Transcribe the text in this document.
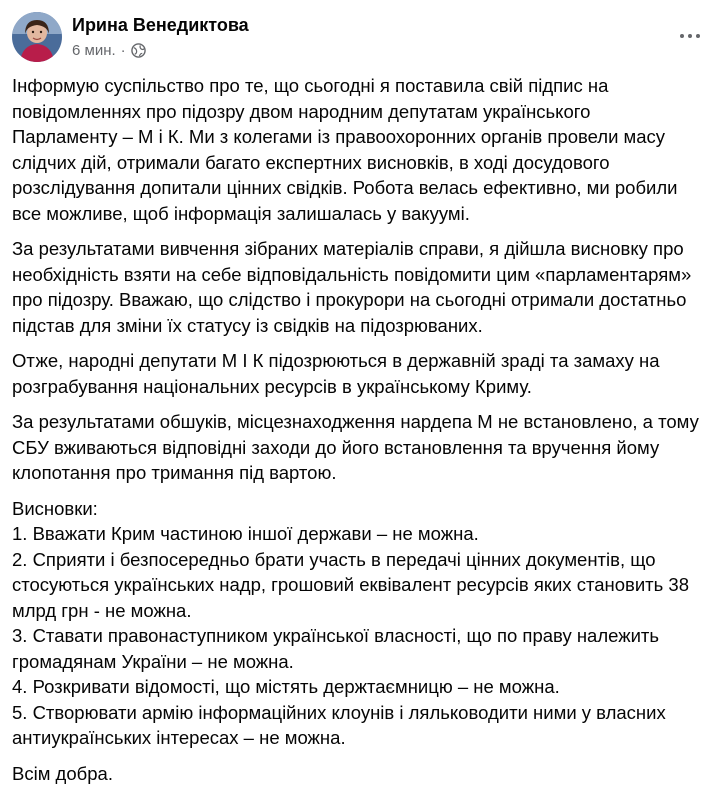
Ирина Венедиктова
6 мин. ·
Інформую суспільство про те, що сьогодні я поставила свій підпис на
повідомленнях про підозру двом народним депутатам українського
Парламенту – М і К. Ми з колегами із правоохоронних органів провели масу
слідчих дій, отримали багато експертних висновків, в ході досудового
розслідування допитали цінних свідків. Робота велась ефективно, ми робили
все можливе, щоб інформація залишалась у вакуумі.
За результатами вивчення зібраних матеріалів справи, я дійшла висновку про
необхідність взяти на себе відповідальність повідомити цим «парламентарям»
про підозру. Вважаю, що слідство і прокурори на сьогодні отримали достатньо
підстав для зміни їх статусу із свідків на підозрюваних.
Отже, народні депутати М І К підозрюються в державній зраді та замаху на
розграбування національних ресурсів в українському Криму.
За результатами обшуків, місцезнаходження нардепа М не встановлено, а тому
СБУ вживаються відповідні заходи до його встановлення та вручення йому
клопотання про тримання під вартою.
Висновки:
1. Вважати Крим частиною іншої держави – не можна.
2. Сприяти і безпосередньо брати участь в передачі цінних документів, що
стосуються українських надр, грошовий еквівалент ресурсів яких становить 38
млрд грн - не можна.
3. Ставати правонаступником української власності, що по праву належить
громадянам України – не можна.
4. Розкривати відомості, що містять держтаємницю – не можна.
5. Створювати армію інформаційних клоунів і ляльководити ними у власних
антиукраїнських інтересах – не можна.
Всім добра.
